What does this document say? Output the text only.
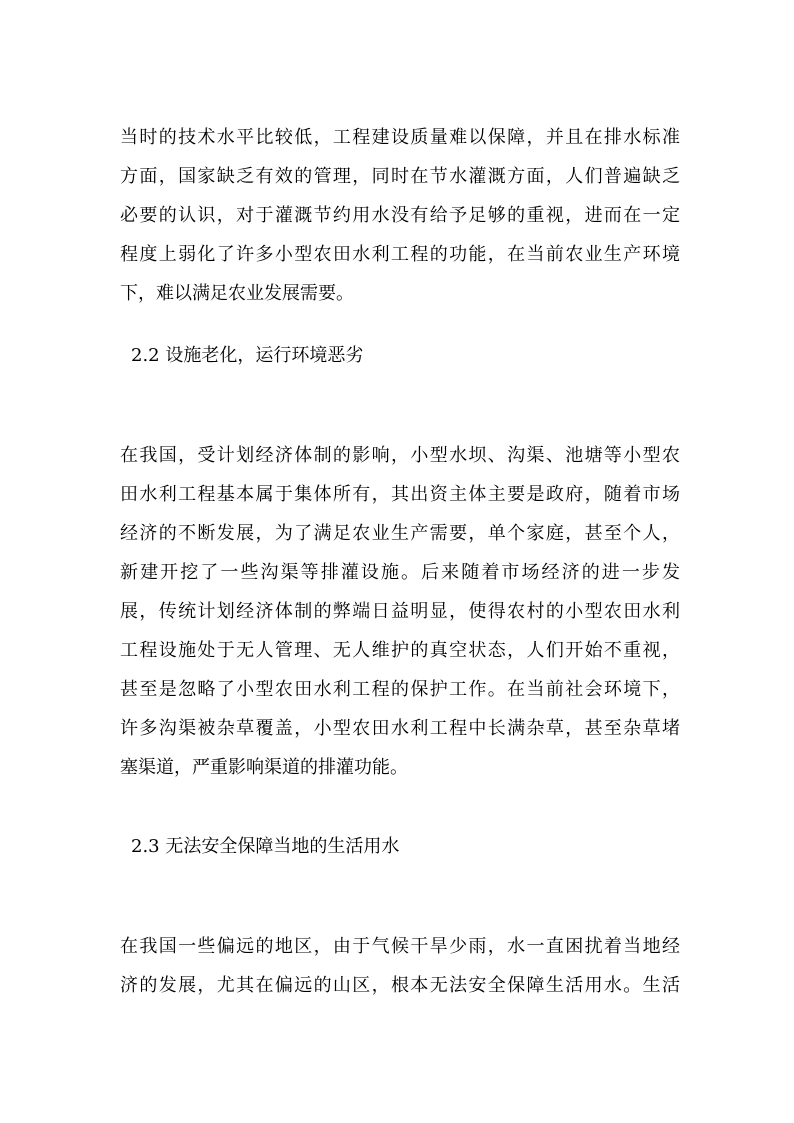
当时的技术水平比较低，工程建设质量难以保障，并且在排水标准
方面，国家缺乏有效的管理，同时在节水灌溉方面，人们普遍缺乏
必要的认识，对于灌溉节约用水没有给予足够的重视，进而在一定
程度上弱化了许多小型农田水利工程的功能，在当前农业生产环境
下，难以满足农业发展需要。
2.2 设施老化，运行环境恶劣
在我国，受计划经济体制的影响，小型水坝、沟渠、池塘等小型农
田水利工程基本属于集体所有，其出资主体主要是政府，随着市场
经济的不断发展，为了满足农业生产需要，单个家庭，甚至个人，
新建开挖了一些沟渠等排灌设施。后来随着市场经济的进一步发
展，传统计划经济体制的弊端日益明显，使得农村的小型农田水利
工程设施处于无人管理、无人维护的真空状态，人们开始不重视，
甚至是忽略了小型农田水利工程的保护工作。在当前社会环境下，
许多沟渠被杂草覆盖，小型农田水利工程中长满杂草，甚至杂草堵
塞渠道，严重影响渠道的排灌功能。
2.3 无法安全保障当地的生活用水
在我国一些偏远的地区，由于气候干旱少雨，水一直困扰着当地经
济的发展，尤其在偏远的山区，根本无法安全保障生活用水。生活
